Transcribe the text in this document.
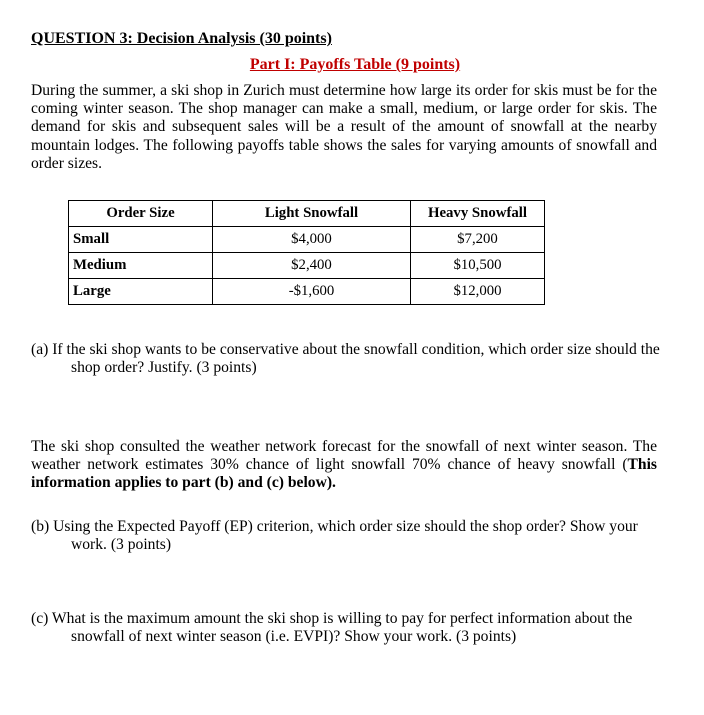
QUESTION 3: Decision Analysis (30 points)
Part I: Payoffs Table (9 points)
During the summer, a ski shop in Zurich must determine how large its order for skis must be for the coming winter season. The shop manager can make a small, medium, or large order for skis. The demand for skis and subsequent sales will be a result of the amount of snowfall at the nearby mountain lodges. The following payoffs table shows the sales for varying amounts of snowfall and order sizes.
Order Size	Light Snowfall	Heavy Snowfall
Small	$4,000	$7,200
Medium	$2,400	$10,500
Large	-$1,600	$12,000
(a) If the ski shop wants to be conservative about the snowfall condition, which order size should the shop order? Justify. (3 points)
The ski shop consulted the weather network forecast for the snowfall of next winter season. The weather network estimates 30% chance of light snowfall 70% chance of heavy snowfall (This information applies to part (b) and (c) below).
(b) Using the Expected Payoff (EP) criterion, which order size should the shop order? Show your work. (3 points)
(c) What is the maximum amount the ski shop is willing to pay for perfect information about the snowfall of next winter season (i.e. EVPI)? Show your work. (3 points)
